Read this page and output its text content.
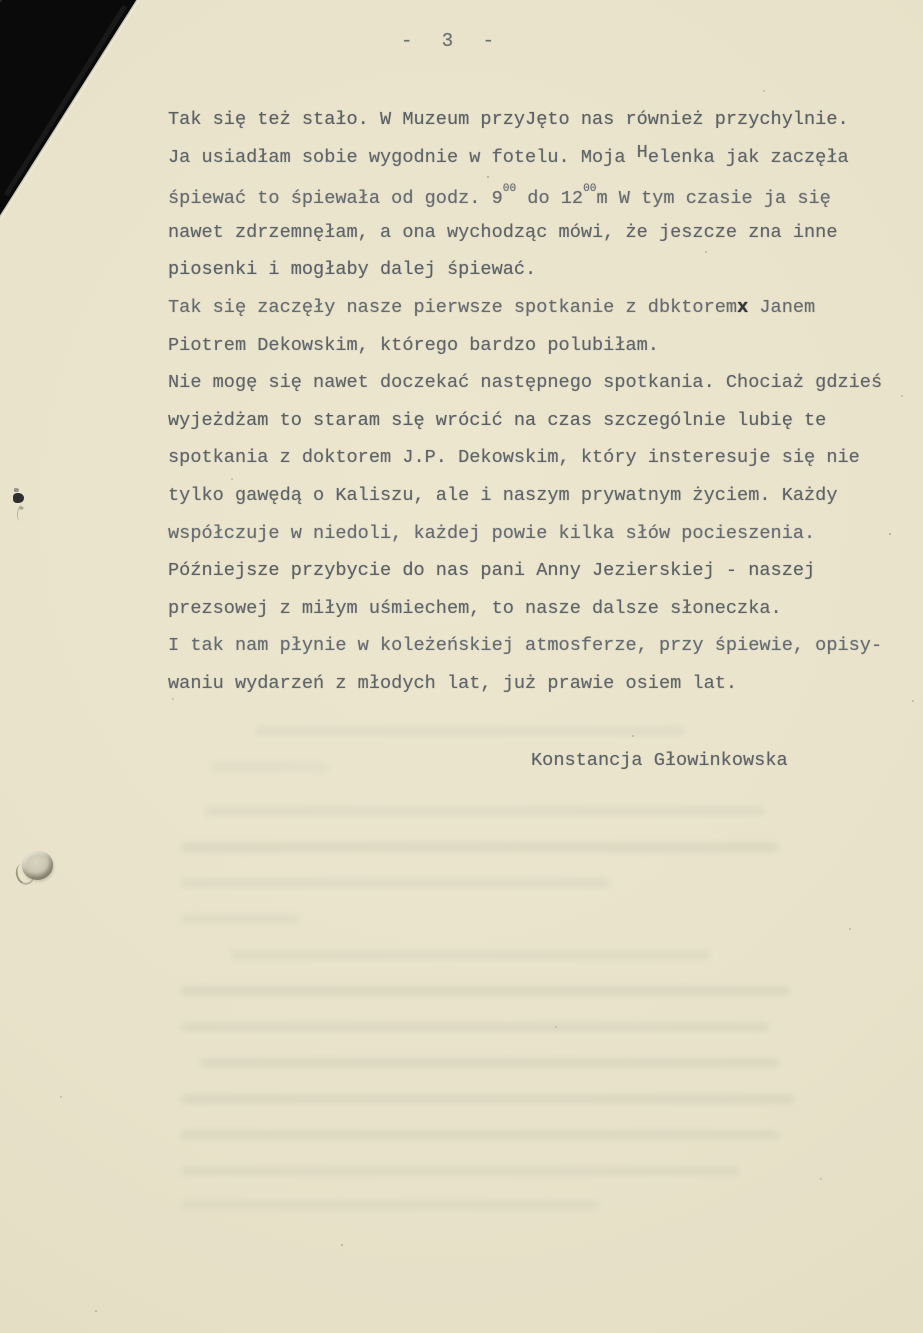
- 3 -
Tak się też stało. W Muzeum przyJęto nas również przychylnie.
Ja usiadłam sobie wygodnie w fotelu. Moja Helenka jak zaczęła
śpiewać to śpiewała od godz. $9^{00}$ do $12^{00}m$ W tym czasie ja się
nawet zdrzemnęłam, a ona wychodząc mówi, że jeszcze zna inne
piosenki i mogłaby dalej śpiewać.
Tak się zaczęły nasze pierwsze spotkanie z dbktoremx Janem
Piotrem Dekowskim, którego bardzo polubiłam.
Nie mogę się nawet doczekać następnego spotkania. Chociaż gdzieś
wyjeżdżam to staram się wrócić na czas szczególnie lubię te
spotkania z doktorem J.P. Dekowskim, który insteresuje się nie
tylko gawędą o Kaliszu, ale i naszym prywatnym życiem. Każdy
współczuje w niedoli, każdej powie kilka słów pocieszenia.
Późniejsze przybycie do nas pani Anny Jezierskiej - naszej
prezsowej z miłym uśmiechem, to nasze dalsze słoneczka.
I tak nam płynie w koleżeńskiej atmosferze, przy śpiewie, opisy-
waniu wydarzeń z młodych lat, już prawie osiem lat.
Konstancja Głowinkowska
